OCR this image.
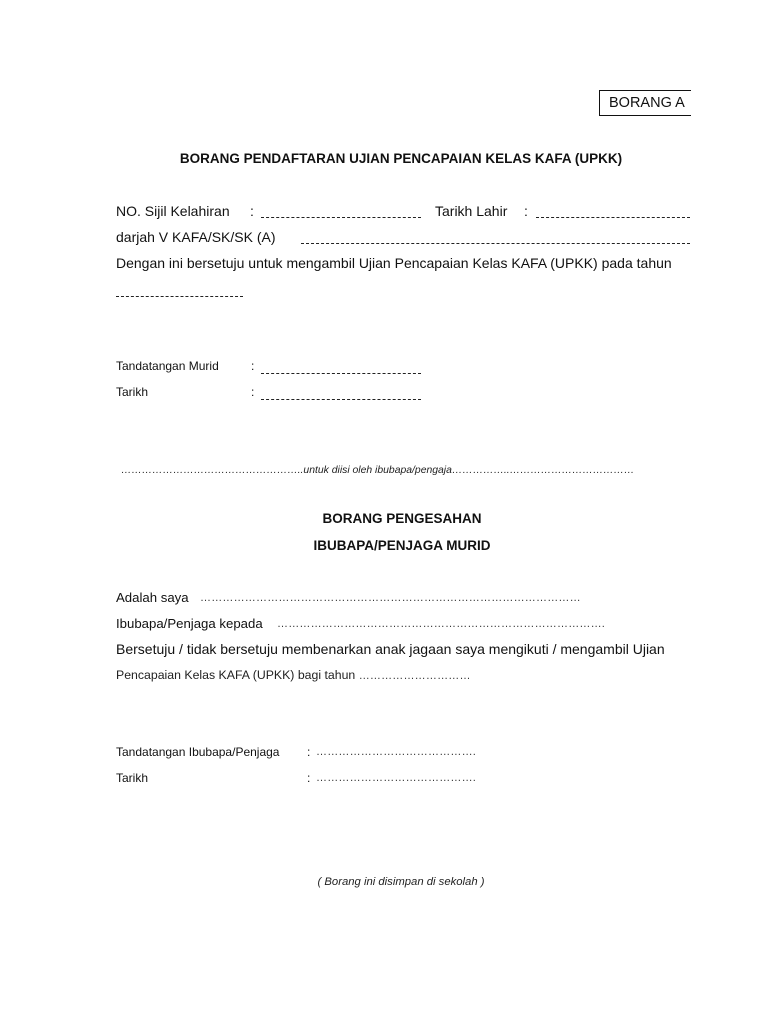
BORANG A
BORANG PENDAFTARAN UJIAN PENCAPAIAN KELAS KAFA (UPKK)
NO. Sijil Kelahiran :	Tarikh Lahir :
darjah V KAFA/SK/SK (A)
Dengan ini bersetuju untuk mengambil Ujian Pencapaian Kelas KAFA (UPKK) pada tahun
Tandatangan Murid	:
Tarikh	:
……………………………………………..untuk diisi oleh ibubapa/pengaja……………..………………………………
BORANG PENGESAHAN
IBUBAPA/PENJAGA MURID
Adalah saya …………………………………………………………………………………………
Ibubapa/Penjaga kepada …………………………………………………………………………….
Bersetuju / tidak bersetuju membenarkan anak jagaan saya mengikuti / mengambil Ujian
Pencapaian Kelas KAFA (UPKK) bagi tahun …………………………
Tandatangan Ibubapa/Penjaga : …………………………………….
Tarikh	: …………………………………….
( Borang ini disimpan di sekolah )
